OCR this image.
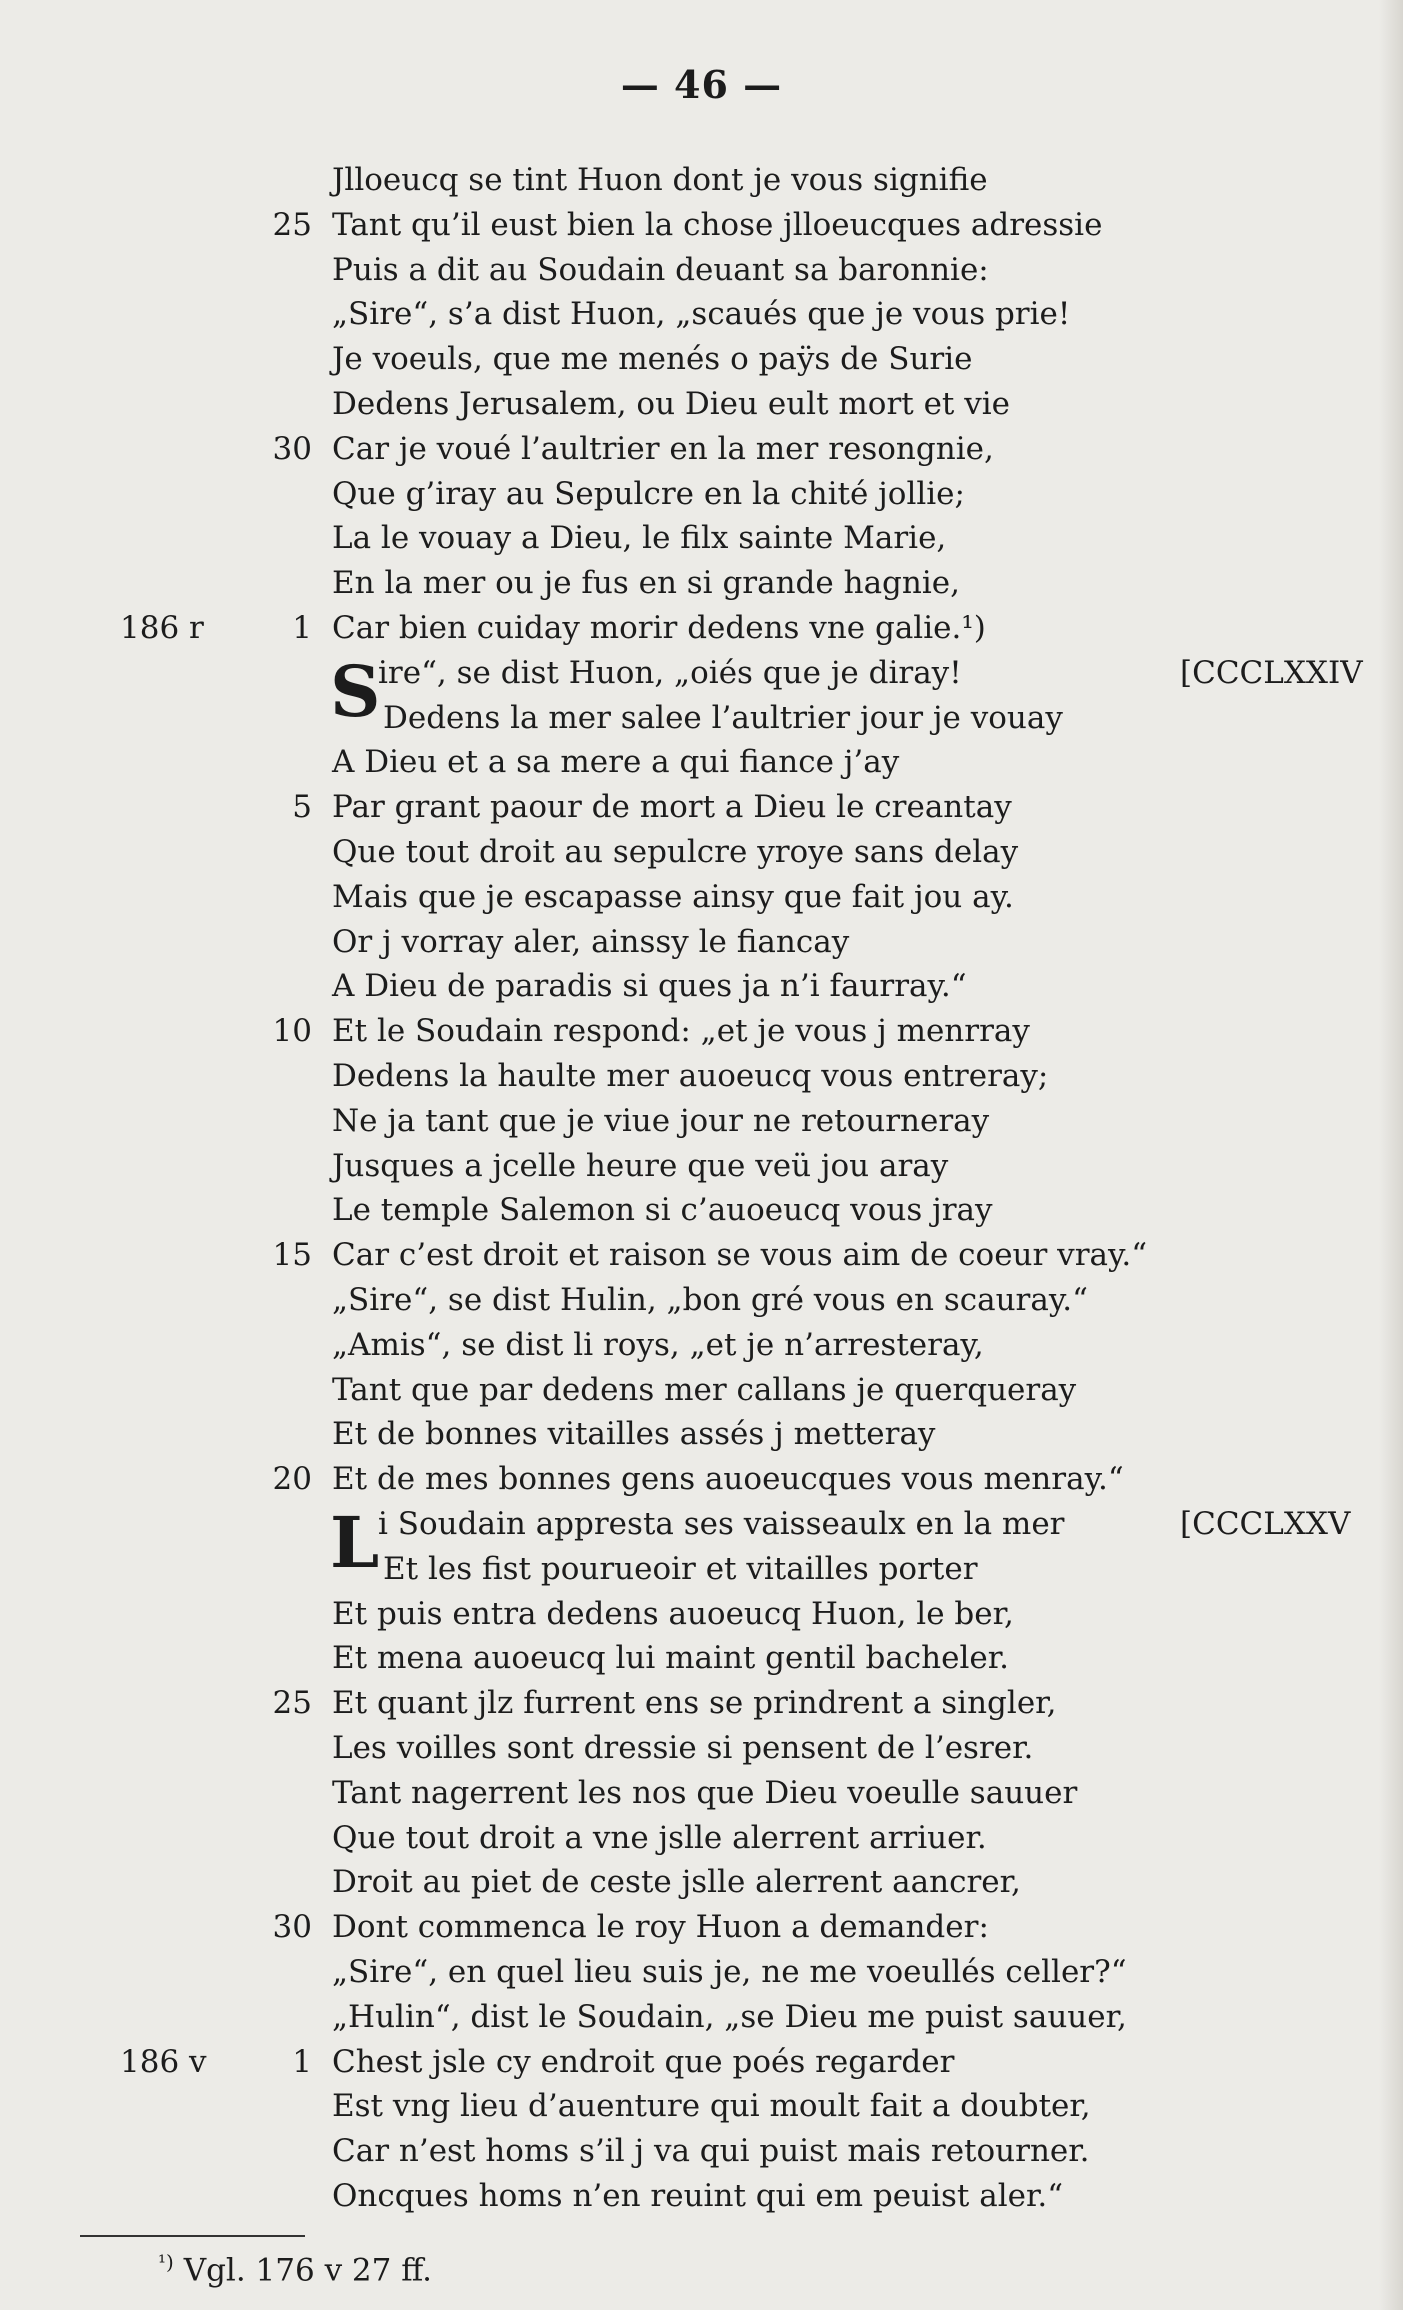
— 46 —
Jlloeucq se tint Huon dont je vous signifie
25 Tant qu’il eust bien la chose jlloeucques adressie
Puis a dit au Soudain deuant sa baronnie:
„Sire“, s’a dist Huon, „scaués que je vous prie!
Je voeuls, que me menés o paÿs de Surie
Dedens Jerusalem, ou Dieu eult mort et vie
30 Car je voué l’aultrier en la mer resongnie,
Que g’iray au Sepulcre en la chité jollie;
La le vouay a Dieu, le filx sainte Marie,
En la mer ou je fus en si grande hagnie,
186 r	1 Car bien cuiday morir dedens vne galie.¹)
S
ire“, se dist Huon, „oiés que je diray!	[CCCLXXIV
Dedens la mer salee l’aultrier jour je vouay
A Dieu et a sa mere a qui fiance j’ay
5 Par grant paour de mort a Dieu le creantay
Que tout droit au sepulcre yroye sans delay
Mais que je escapasse ainsy que fait jou ay.
Or j vorray aler, ainssy le fiancay
A Dieu de paradis si ques ja n’i faurray.“
10 Et le Soudain respond: „et je vous j menrray
Dedens la haulte mer auoeucq vous entreray;
Ne ja tant que je viue jour ne retourneray
Jusques a jcelle heure que veü jou aray
Le temple Salemon si c’auoeucq vous jray
15 Car c’est droit et raison se vous aim de coeur vray.“
„Sire“, se dist Hulin, „bon gré vous en scauray.“
„Amis“, se dist li roys, „et je n’arresteray,
Tant que par dedens mer callans je querqueray
Et de bonnes vitailles assés j metteray
20 Et de mes bonnes gens auoeucques vous menray.“
L
i Soudain appresta ses vaisseaulx en la mer	[CCCLXXV
Et les fist pourueoir et vitailles porter
Et puis entra dedens auoeucq Huon, le ber,
Et mena auoeucq lui maint gentil bacheler.
25 Et quant jlz furrent ens se prindrent a singler,
Les voilles sont dressie si pensent de l’esrer.
Tant nagerrent les nos que Dieu voeulle sauuer
Que tout droit a vne jslle alerrent arriuer.
Droit au piet de ceste jslle alerrent aancrer,
30 Dont commenca le roy Huon a demander:
„Sire“, en quel lieu suis je, ne me voeullés celler?“
„Hulin“, dist le Soudain, „se Dieu me puist sauuer,
186 v	1 Chest jsle cy endroit que poés regarder
Est vng lieu d’auenture qui moult fait a doubter,
Car n’est homs s’il j va qui puist mais retourner.
Oncques homs n’en reuint qui em peuist aler.“
$^{^1)}$ Vgl. 176 v 27 ff.
